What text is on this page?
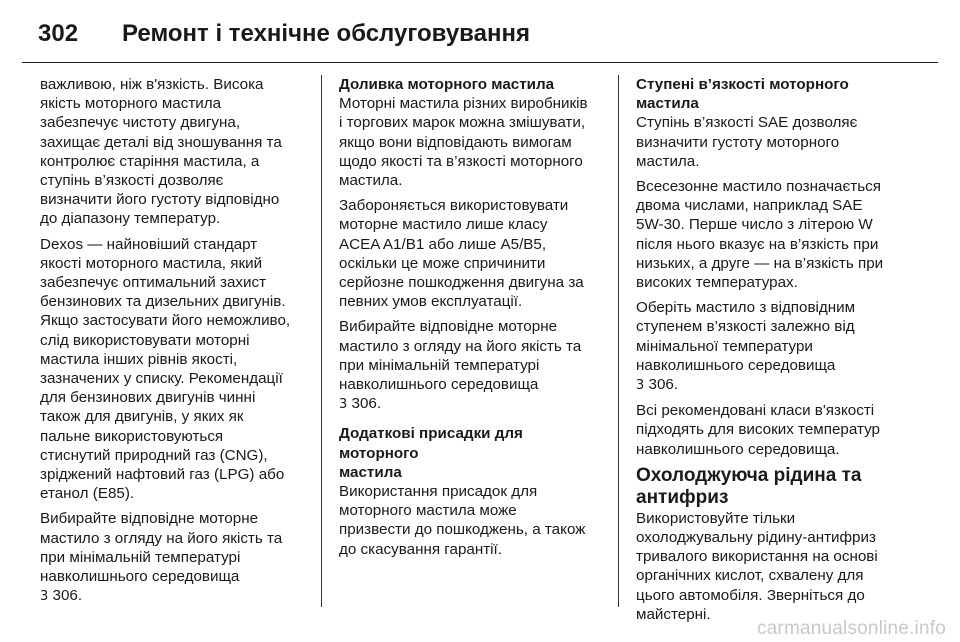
302	Ремонт і технічне обслуговування

важливою, ніж в'язкість. Висока
якість моторного мастила
забезпечує чистоту двигуна,
захищає деталі від зношування та
контролює старіння мастила, а
ступінь в’язкості дозволяє
визначити його густоту відповідно
до діапазону температур.

Dexos — найновіший стандарт
якості моторного мастила, який
забезпечує оптимальний захист
бензинових та дизельних двигунів.
Якщо застосувати його неможливо,
слід використовувати моторні
мастила інших рівнів якості,
зазначених у списку. Рекомендації
для бензинових двигунів чинні
також для двигунів, у яких як
пальне використовуються
стиснутий природний газ (CNG),
зріджений нафтовий газ (LPG) або
етанол (E85).

Вибирайте відповідне моторне
мастило з огляду на його якість та
при мінімальній температурі
навколишнього середовища
3 306.

Доливка моторного мастила

Моторні мастила різних виробників
і торгових марок можна змішувати,
якщо вони відповідають вимогам
щодо якості та в’язкості моторного
мастила.

Забороняється використовувати
моторне мастило лише класу
ACEA A1/B1 або лише A5/B5,
оскільки це може спричинити
серйозне пошкодження двигуна за
певних умов експлуатації.

Вибирайте відповідне моторне
мастило з огляду на його якість та
при мінімальній температурі
навколишнього середовища
3 306.

Додаткові присадки для моторного
мастила

Використання присадок для
моторного мастила може
призвести до пошкоджень, а також
до скасування гарантії.

Ступені в’язкості моторного
мастила

Ступінь в’язкості SAE дозволяє
визначити густоту моторного
мастила.

Всесезонне мастило позначається
двома числами, наприклад SAE
5W-30. Перше число з літерою W
після нього вказує на в’язкість при
низьких, а друге — на в’язкість при
високих температурах.

Оберіть мастило з відповідним
ступенем в’язкості залежно від
мінімальної температури
навколишнього середовища
3 306.

Всі рекомендовані класи в'язкості
підходять для високих температур
навколишнього середовища.

Охолоджуюча рідина та
антифриз

Використовуйте тільки
охолоджувальну рідину-антифриз
тривалого використання на основі
органічних кислот, схвалену для
цього автомобіля. Зверніться до
майстерні.

carmanualsonline.info
